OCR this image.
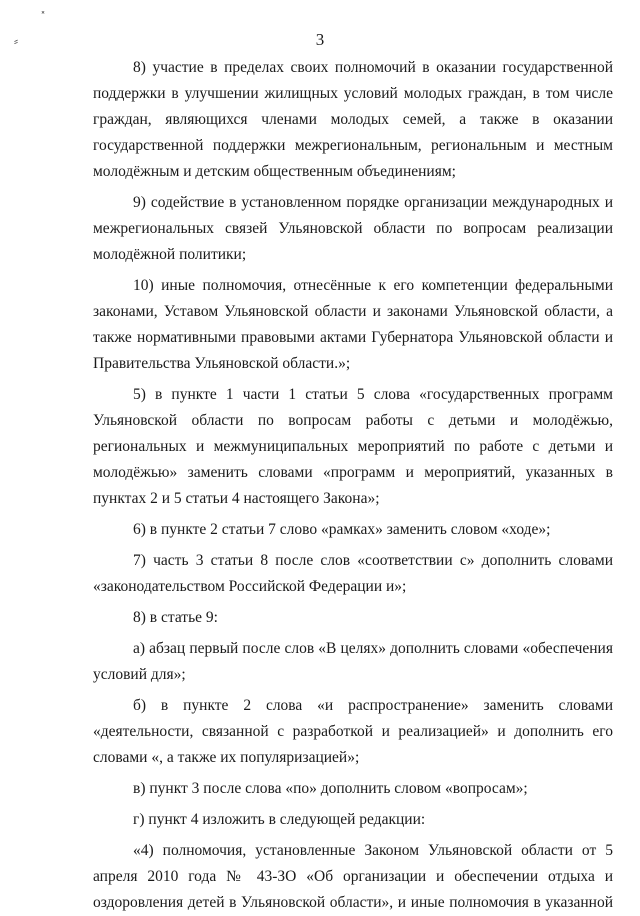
˟
⸗	3

8) участие в пределах своих полномочий в оказании государственной поддержки в улучшении жилищных условий молодых граждан, в том числе граждан, являющихся членами молодых семей, а также в оказании государственной поддержки межрегиональным, региональным и местным молодёжным и детским общественным объединениям;

9) содействие в установленном порядке организации международных и межрегиональных связей Ульяновской области по вопросам реализации молодёжной политики;

10) иные полномочия, отнесённые к его компетенции федеральными законами, Уставом Ульяновской области и законами Ульяновской области, а также нормативными правовыми актами Губернатора Ульяновской области и Правительства Ульяновской области.»;

5) в пункте 1 части 1 статьи 5 слова «государственных программ Ульяновской области по вопросам работы с детьми и молодёжью, региональных и межмуниципальных мероприятий по работе с детьми и молодёжью» заменить словами «программ и мероприятий, указанных в пунктах 2 и 5 статьи 4 настоящего Закона»;

6) в пункте 2 статьи 7 слово «рамках» заменить словом «ходе»;

7) часть 3 статьи 8 после слов «соответствии с» дополнить словами «законодательством Российской Федерации и»;

8) в статье 9:

а) абзац первый после слов «В целях» дополнить словами «обеспечения условий для»;

б) в пункте 2 слова «и распространение» заменить словами «деятельности, связанной с разработкой и реализацией» и дополнить его словами «, а также их популяризацией»;

в) пункт 3 после слова «по» дополнить словом «вопросам»;

г) пункт 4 изложить в следующей редакции:

«4) полномочия, установленные Законом Ульяновской области от 5 апреля 2010 года № 43-ЗО «Об организации и обеспечении отдыха и оздоровления детей в Ульяновской области», и иные полномочия в указанной
